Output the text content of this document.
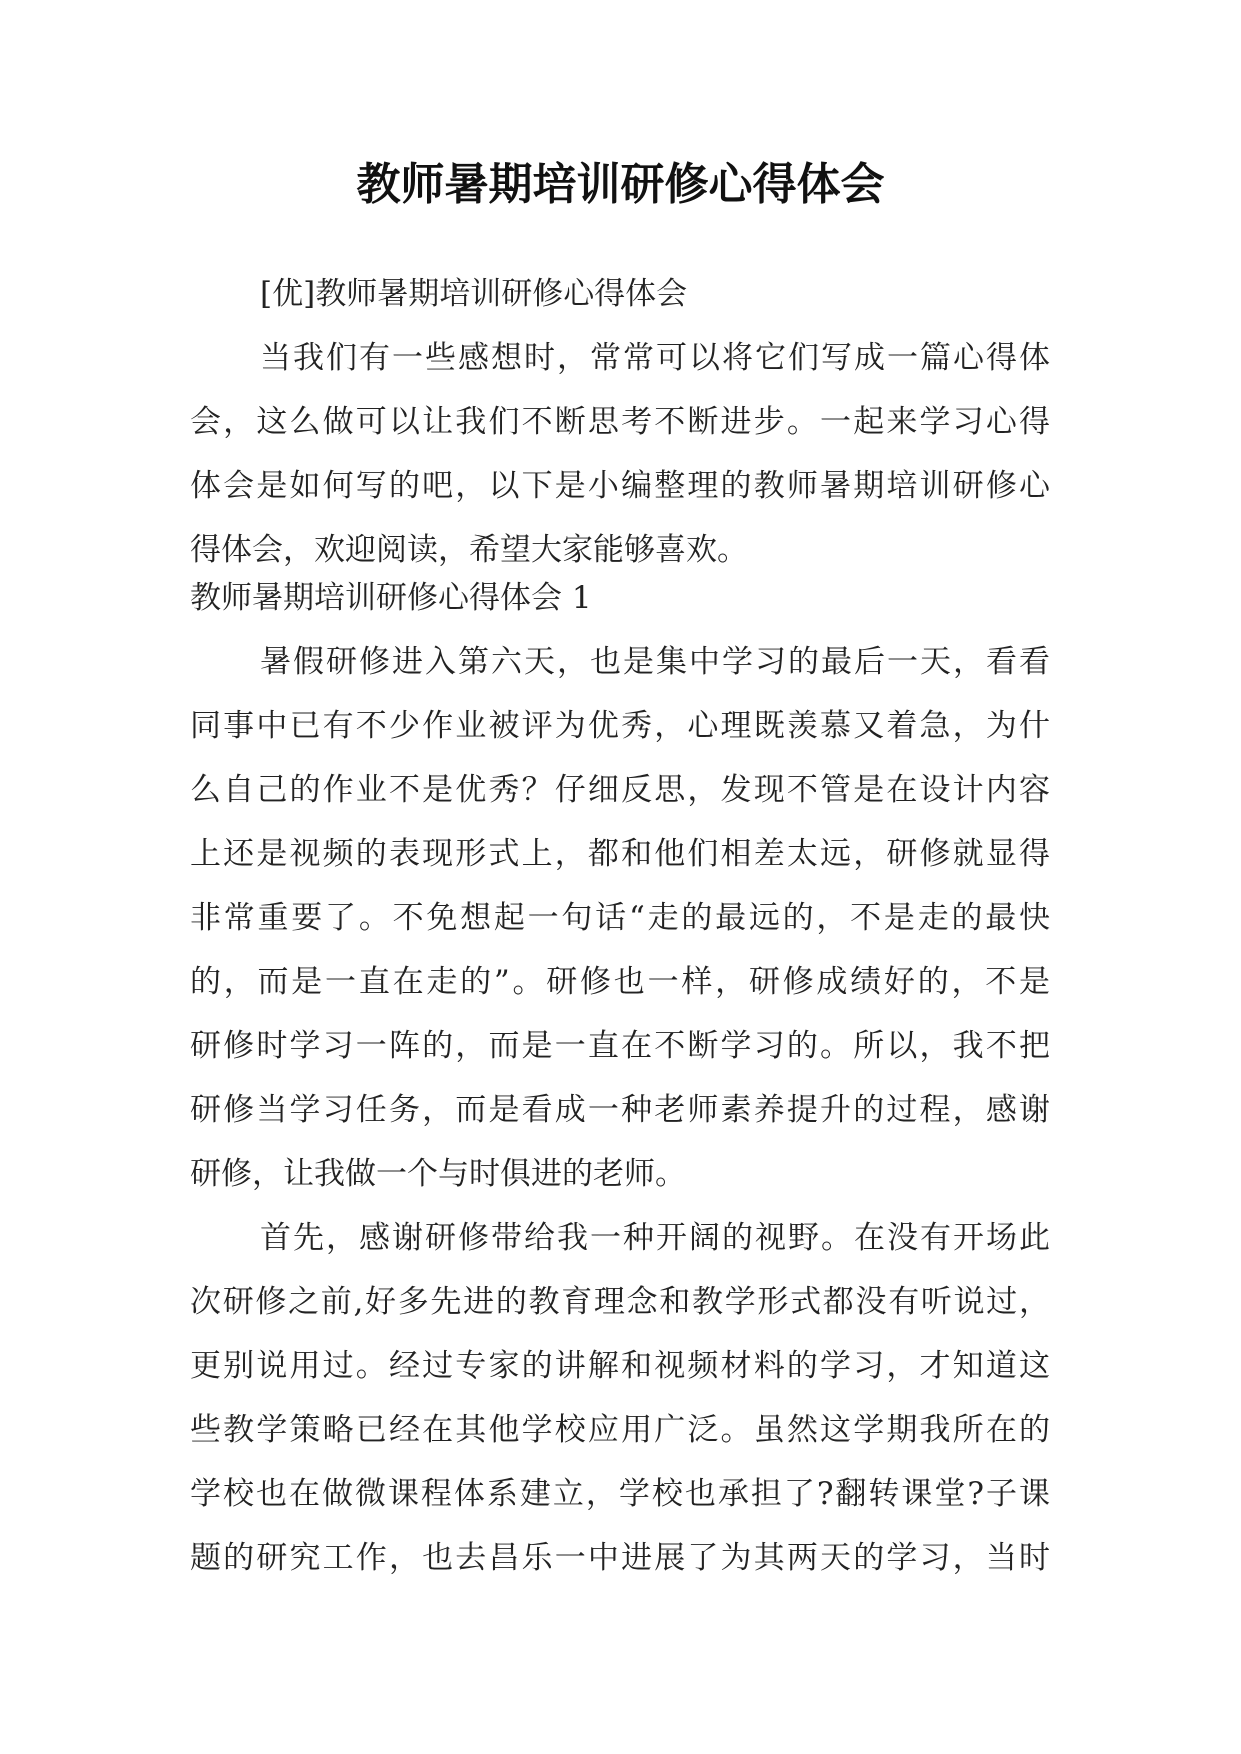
教师暑期培训研修心得体会
[优]教师暑期培训研修心得体会
当我们有一些感想时，常常可以将它们写成一篇心得体
会，这么做可以让我们不断思考不断进步。一起来学习心得
体会是如何写的吧，以下是小编整理的教师暑期培训研修心
得体会，欢迎阅读，希望大家能够喜欢。
教师暑期培训研修心得体会 1
暑假研修进入第六天，也是集中学习的最后一天，看看
同事中已有不少作业被评为优秀，心理既羡慕又着急，为什
么自己的作业不是优秀？仔细反思，发现不管是在设计内容
上还是视频的表现形式上，都和他们相差太远，研修就显得
非常重要了。不免想起一句话“走的最远的，不是走的最快
的，而是一直在走的”。研修也一样，研修成绩好的，不是
研修时学习一阵的，而是一直在不断学习的。所以，我不把
研修当学习任务，而是看成一种老师素养提升的过程，感谢
研修，让我做一个与时俱进的老师。
首先，感谢研修带给我一种开阔的视野。在没有开场此
次研修之前,好多先进的教育理念和教学形式都没有听说过，
更别说用过。经过专家的讲解和视频材料的学习，才知道这
些教学策略已经在其他学校应用广泛。虽然这学期我所在的
学校也在做微课程体系建立，学校也承担了?翻转课堂?子课
题的研究工作，也去昌乐一中进展了为其两天的学习，当时
